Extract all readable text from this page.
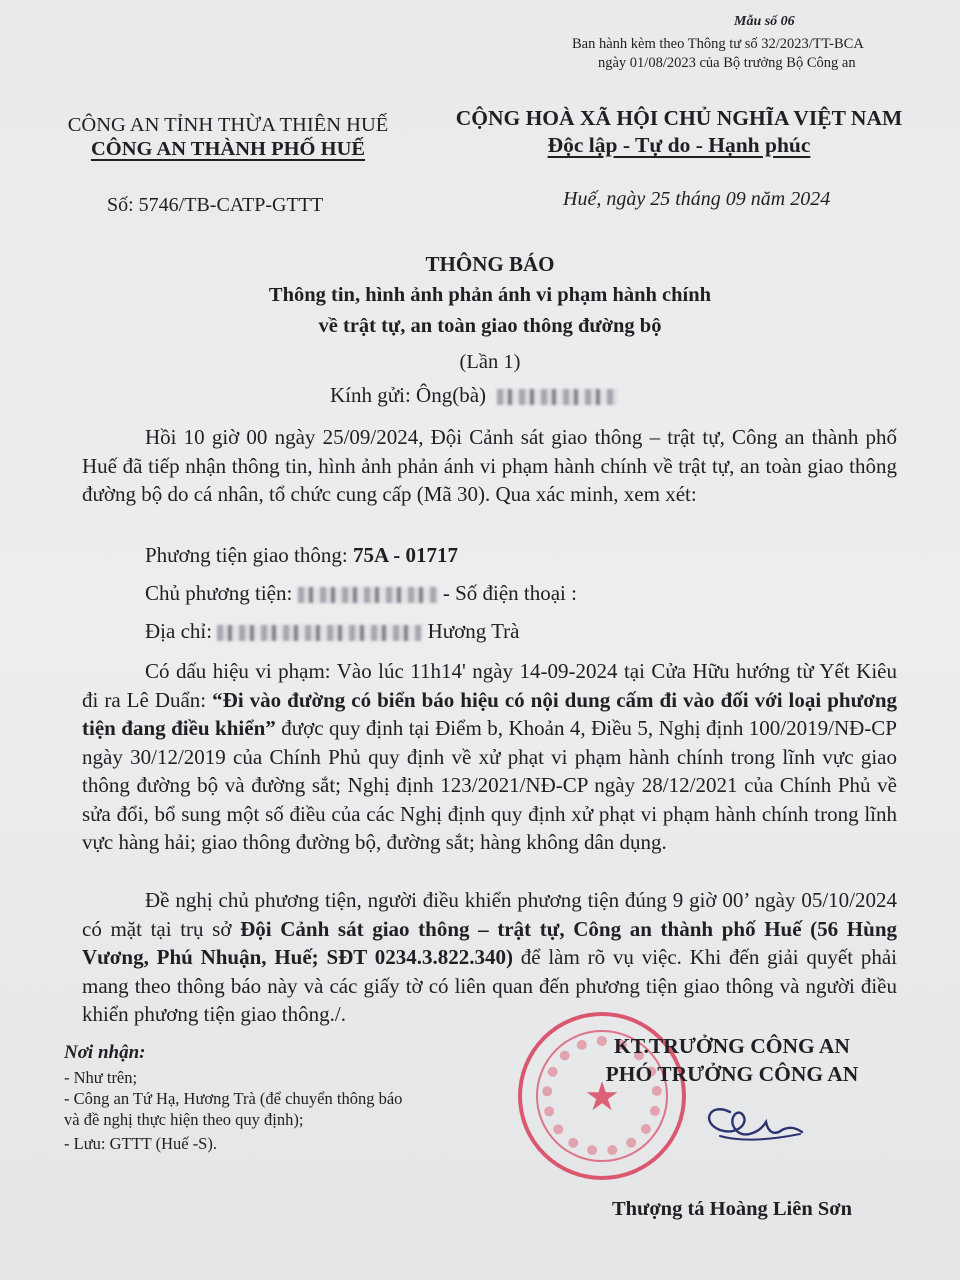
Mẫu số 06
Ban hành kèm theo Thông tư số 32/2023/TT-BCA
ngày 01/08/2023 của Bộ trưởng Bộ Công an
CÔNG AN TỈNH THỪA THIÊN HUẾ
CÔNG AN THÀNH PHỐ HUẾ
Số: 5746/TB-CATP-GTTT
CỘNG HOÀ XÃ HỘI CHỦ NGHĨA VIỆT NAM
Độc lập - Tự do - Hạnh phúc
Huế, ngày 25 tháng 09 năm 2024
THÔNG BÁO
Thông tin, hình ảnh phản ánh vi phạm hành chính
về trật tự, an toàn giao thông đường bộ
(Lần 1)
Kính gửi: Ông(bà)
Hồi 10 giờ 00 ngày 25/09/2024, Đội Cảnh sát giao thông – trật tự, Công an thành phố Huế đã tiếp nhận thông tin, hình ảnh phản ánh vi phạm hành chính về trật tự, an toàn giao thông đường bộ do cá nhân, tổ chức cung cấp (Mã 30). Qua xác minh, xem xét:
Phương tiện giao thông: 75A - 01717
Chủ phương tiện:	- Số điện thoại :
Địa chỉ:	Hương Trà
Có dấu hiệu vi phạm: Vào lúc 11h14' ngày 14-09-2024 tại Cửa Hữu hướng từ Yết Kiêu đi ra Lê Duẩn: “Đi vào đường có biển báo hiệu có nội dung cấm đi vào đối với loại phương tiện đang điều khiển” được quy định tại Điểm b, Khoản 4, Điều 5, Nghị định 100/2019/NĐ-CP ngày 30/12/2019 của Chính Phủ quy định về xử phạt vi phạm hành chính trong lĩnh vực giao thông đường bộ và đường sắt; Nghị định 123/2021/NĐ-CP ngày 28/12/2021 của Chính Phủ về sửa đổi, bổ sung một số điều của các Nghị định quy định xử phạt vi phạm hành chính trong lĩnh vực hàng hải; giao thông đường bộ, đường sắt; hàng không dân dụng.
Đề nghị chủ phương tiện, người điều khiển phương tiện đúng 9 giờ 00’ ngày 05/10/2024 có mặt tại trụ sở Đội Cảnh sát giao thông – trật tự, Công an thành phố Huế (56 Hùng Vương, Phú Nhuận, Huế; SĐT 0234.3.822.340) để làm rõ vụ việc. Khi đến giải quyết phải mang theo thông báo này và các giấy tờ có liên quan đến phương tiện giao thông và người điều khiển phương tiện giao thông./.
Nơi nhận:
- Như trên;
- Công an Tứ Hạ, Hương Trà (để chuyển thông báo
và đề nghị thực hiện theo quy định);
- Lưu: GTTT (Huế -S).
★
KT.TRƯỞNG CÔNG AN
PHÓ TRƯỞNG CÔNG AN
Thượng tá Hoàng Liên Sơn
